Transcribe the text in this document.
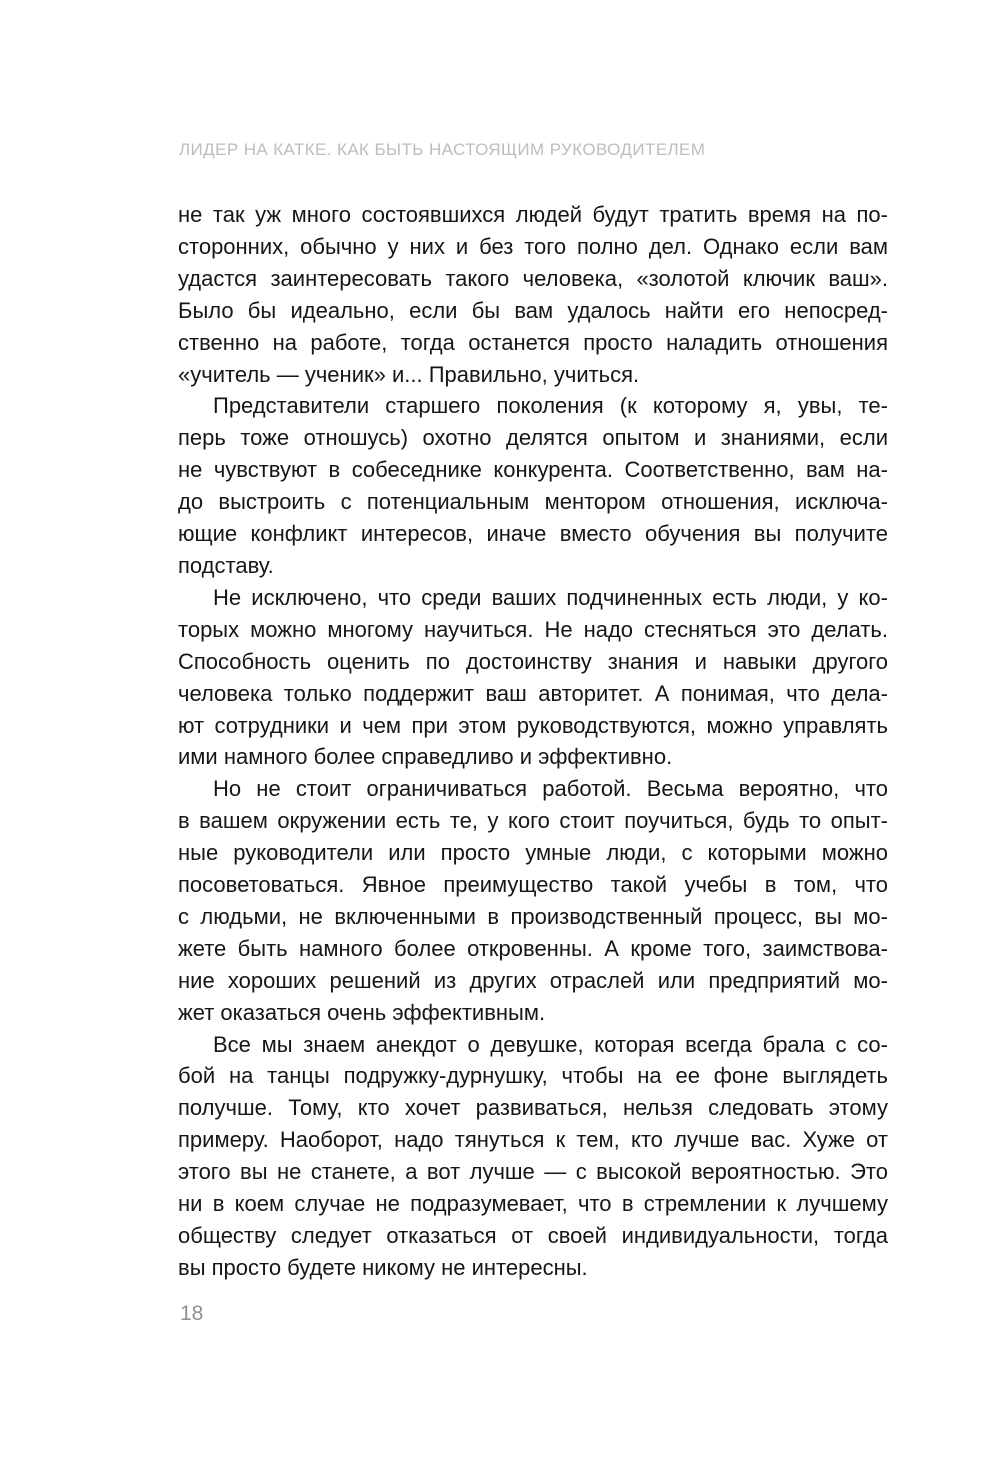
ЛИДЕР НА КАТКЕ. КАК БЫТЬ НАСТОЯЩИМ РУКОВОДИТЕЛЕМ
не так уж много состоявшихся людей будут тратить время на по-
сторонних, обычно у них и без того полно дел. Однако если вам
удастся заинтересовать такого человека, «золотой ключик ваш».
Было бы идеально, если бы вам удалось найти его непосред-
ственно на работе, тогда останется просто наладить отношения
«учитель — ученик» и... Правильно, учиться.
Представители старшего поколения (к которому я, увы, те-
перь тоже отношусь) охотно делятся опытом и знаниями, если
не чувствуют в собеседнике конкурента. Соответственно, вам на-
до выстроить с потенциальным ментором отношения, исключа-
ющие конфликт интересов, иначе вместо обучения вы получите
подставу.
Не исключено, что среди ваших подчиненных есть люди, у ко-
торых можно многому научиться. Не надо стесняться это делать.
Способность оценить по достоинству знания и навыки другого
человека только поддержит ваш авторитет. А понимая, что дела-
ют сотрудники и чем при этом руководствуются, можно управлять
ими намного более справедливо и эффективно.
Но не стоит ограничиваться работой. Весьма вероятно, что
в вашем окружении есть те, у кого стоит поучиться, будь то опыт-
ные руководители или просто умные люди, с которыми можно
посоветоваться. Явное преимущество такой учебы в том, что
с людьми, не включенными в производственный процесс, вы мо-
жете быть намного более откровенны. А кроме того, заимствова-
ние хороших решений из других отраслей или предприятий мо-
жет оказаться очень эффективным.
Все мы знаем анекдот о девушке, которая всегда брала с со-
бой на танцы подружку-дурнушку, чтобы на ее фоне выглядеть
получше. Тому, кто хочет развиваться, нельзя следовать этому
примеру. Наоборот, надо тянуться к тем, кто лучше вас. Хуже от
этого вы не станете, а вот лучше — с высокой вероятностью. Это
ни в коем случае не подразумевает, что в стремлении к лучшему
обществу следует отказаться от своей индивидуальности, тогда
вы просто будете никому не интересны.
18
